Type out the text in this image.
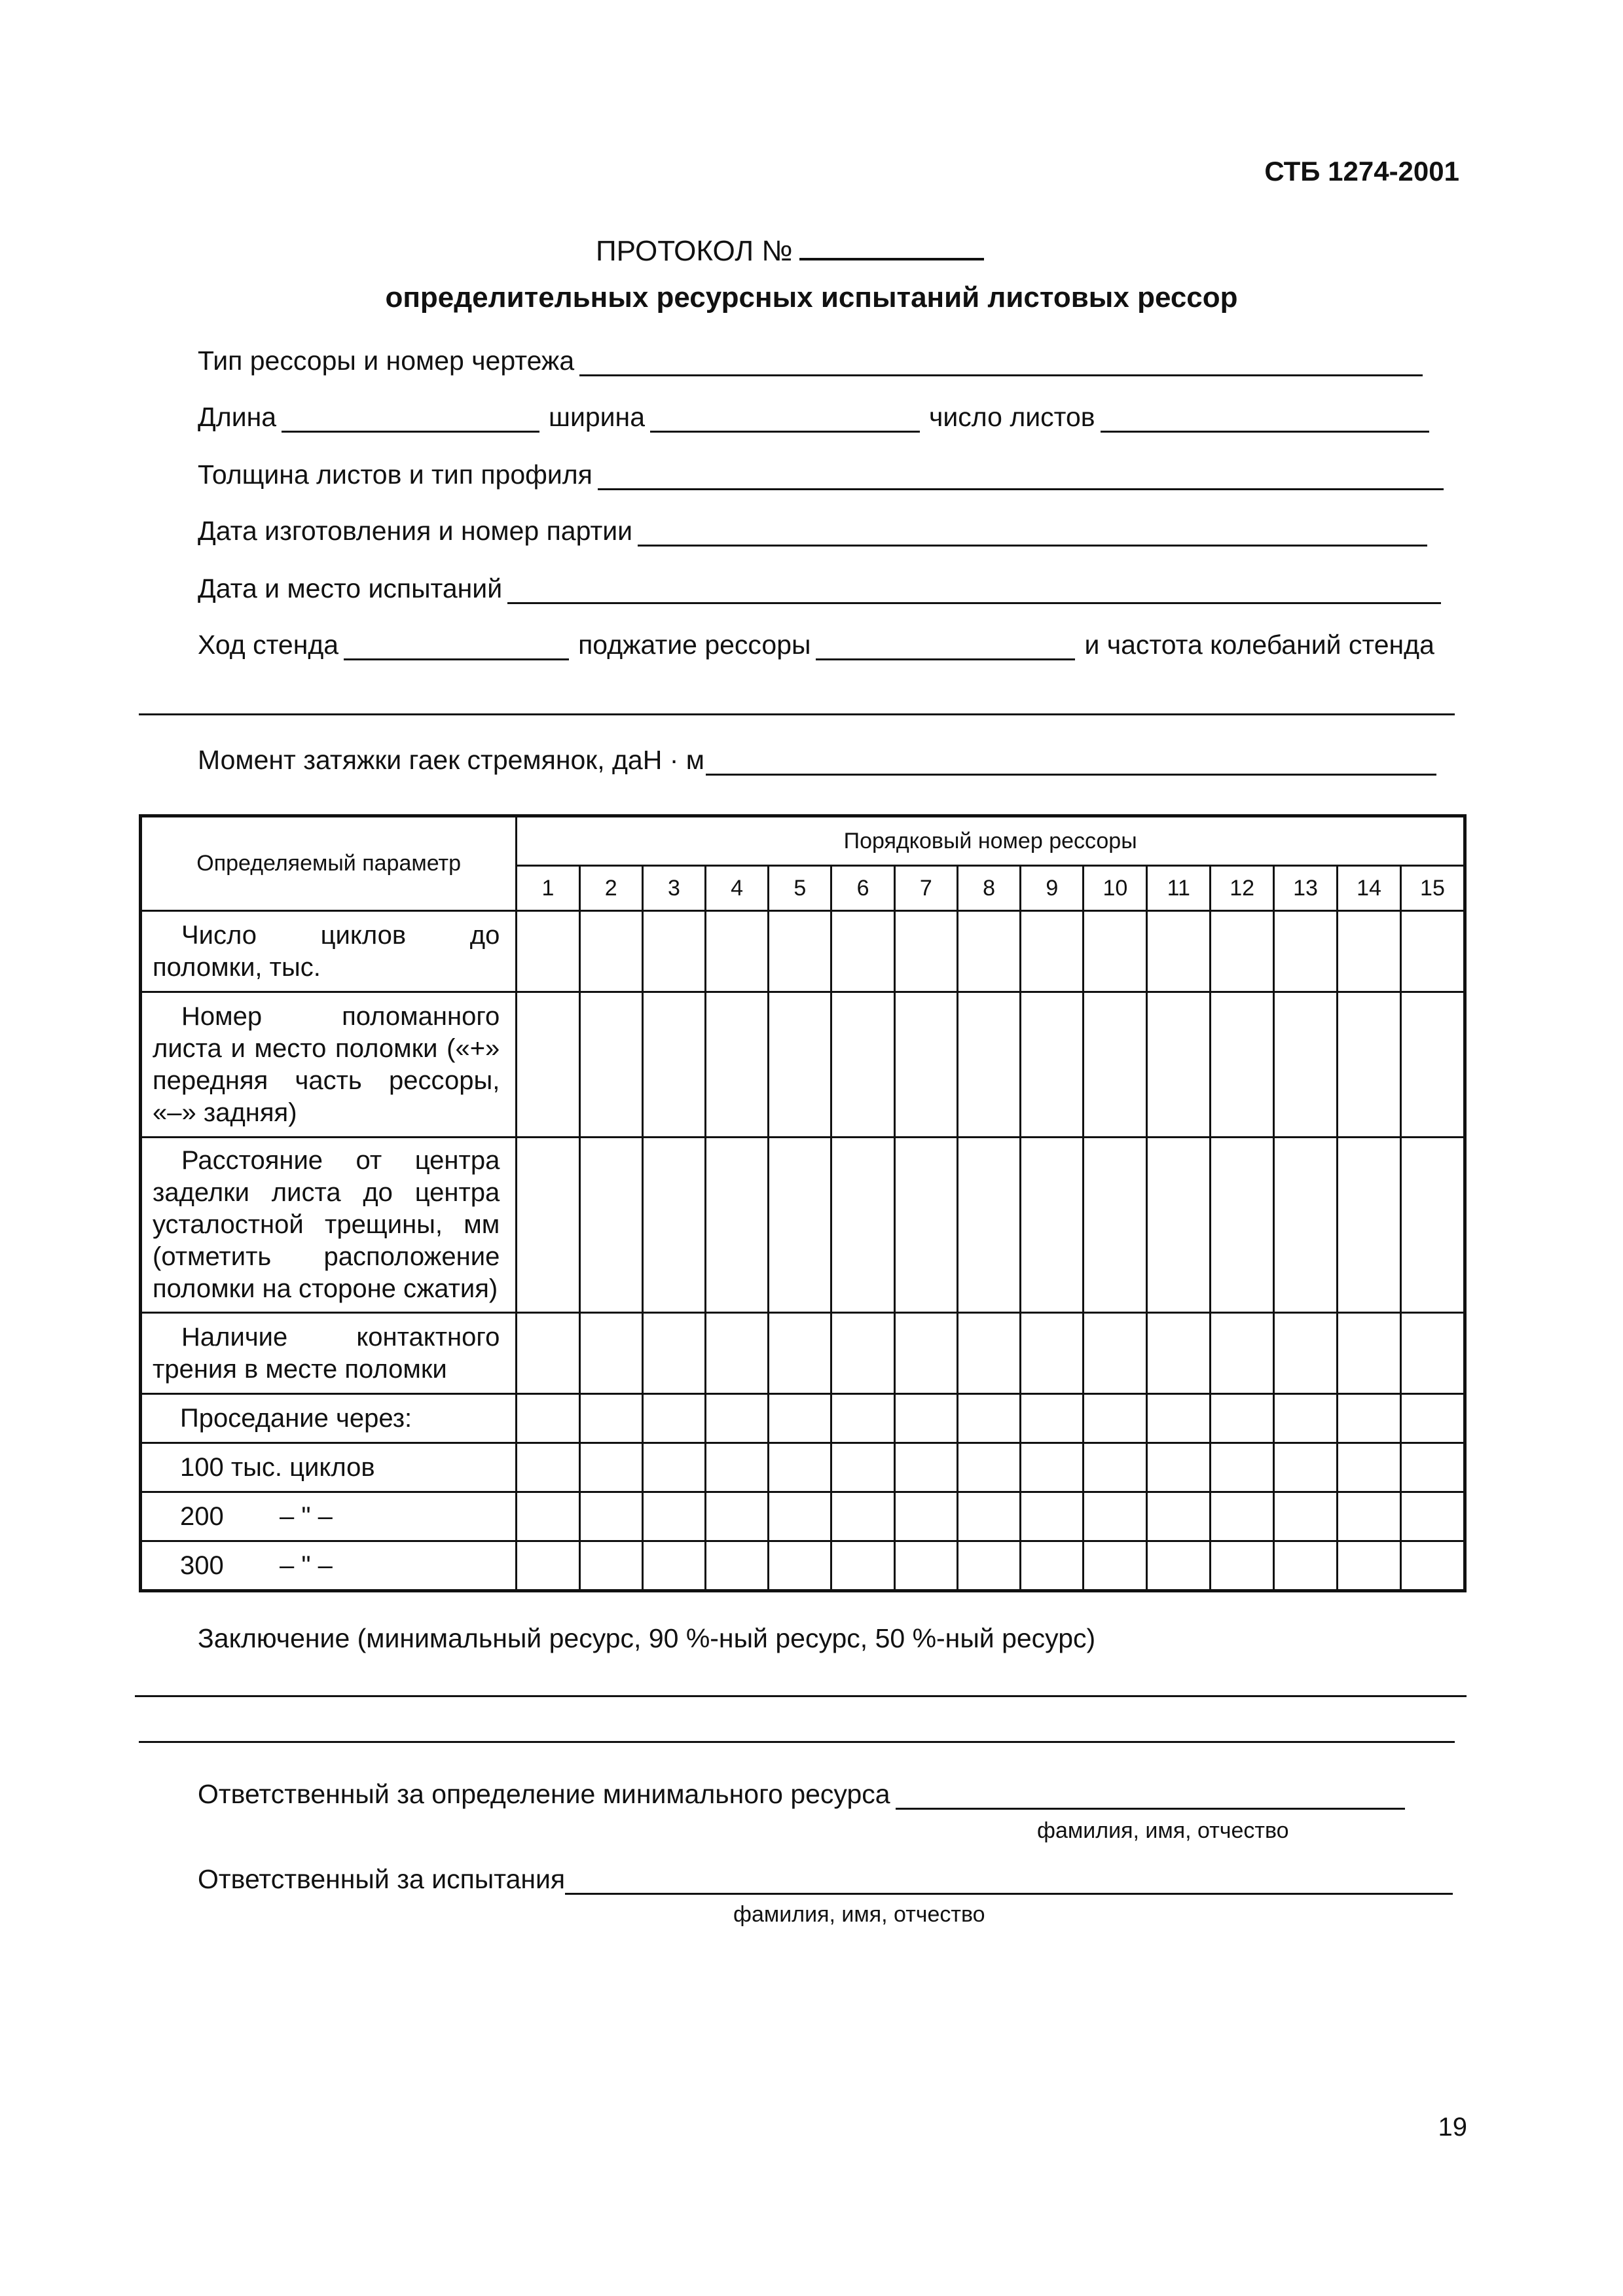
СТБ 1274-2001
ПРОТОКОЛ №
определительных ресурсных испытаний листовых рессор
Тип рессоры и номер чертежа
Длина	ширина	число листов
Толщина листов и тип профиля
Дата изготовления и номер партии
Дата и место испытаний
Ход стенда	поджатие рессоры	и частота колебаний стенда
Момент затяжки гаек стремянок, даН · м
Определяемый параметр	Порядковый номер рессоры														
	1	2	3	4	5	6	7	8	9	10	11	12	13	14	15
Число циклов до поломки, тыс.															
Номер поломанного листа и место поломки («+» передняя часть рессоры, «–» задняя)															
Расстояние от центра заделки листа до центра усталостной трещины, мм (отметить расположение поломки на стороне сжатия)															
Наличие контактного трения в месте поломки															
Проседание через:															
100 тыс. циклов															
200 – " –															
300 – " –															
Заключение (минимальный ресурс, 90 %-ный ресурс, 50 %-ный ресурс)
Ответственный за определение минимального ресурса
фамилия, имя, отчество
Ответственный за испытания
фамилия, имя, отчество
19
